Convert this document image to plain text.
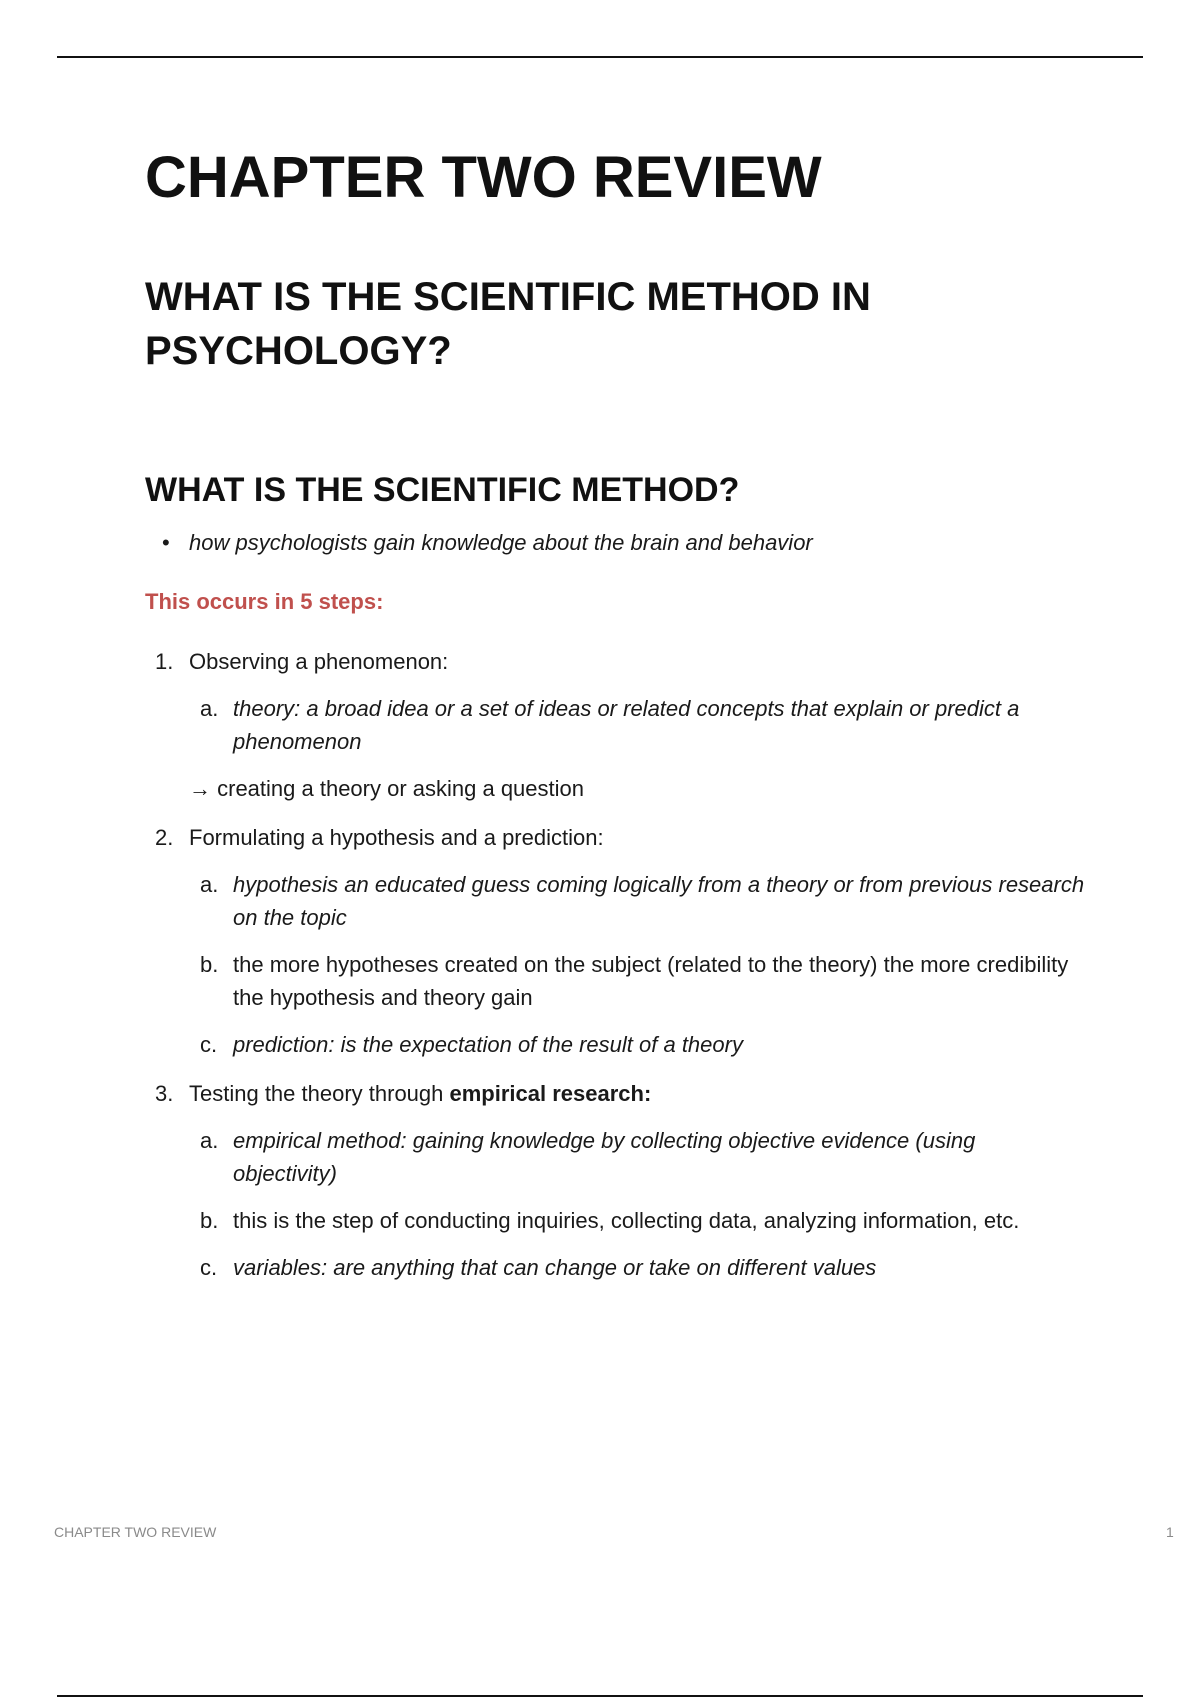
CHAPTER TWO REVIEW
WHAT IS THE SCIENTIFIC METHOD IN PSYCHOLOGY?
WHAT IS THE SCIENTIFIC METHOD?
• how psychologists gain knowledge about the brain and behavior
This occurs in 5 steps:
1. Observing a phenomenon:
a. theory: a broad idea or a set of ideas or related concepts that explain or predict a phenomenon
→ creating a theory or asking a question
2. Formulating a hypothesis and a prediction:
a. hypothesis an educated guess coming logically from a theory or from previous research on the topic
b. the more hypotheses created on the subject (related to the theory) the more credibility the hypothesis and theory gain
c. prediction: is the expectation of the result of a theory
3. Testing the theory through empirical research:
a. empirical method: gaining knowledge by collecting objective evidence (using objectivity)
b. this is the step of conducting inquiries, collecting data, analyzing information, etc.
c. variables: are anything that can change or take on different values
CHAPTER TWO REVIEW	1
